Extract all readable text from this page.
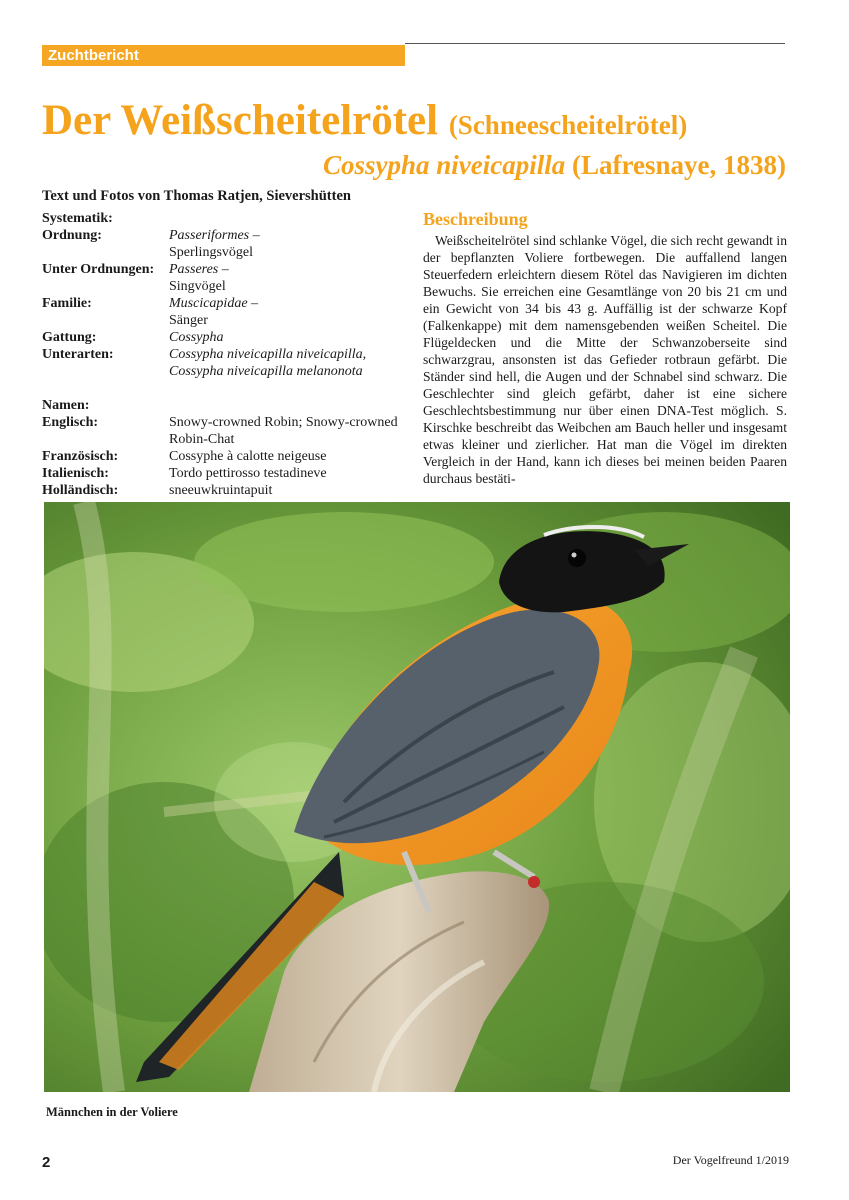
Zuchtbericht
Der Weißscheitelrötel (Schneescheitelrötel)
Cossypha niveicapilla (Lafresnaye, 1838)

Text und Fotos von Thomas Ratjen, Sievershütten

Systematik:
Ordnung:	Passeriformes –
Sperlingsvögel
Unter Ordnungen:	Passeres –
Singvögel
Familie:	Muscicapidae –
Sänger
Gattung:	Cossypha
Unterarten:	Cossypha niveicapilla niveicapilla,
Cossypha niveicapilla melanonota
Namen:
Englisch:	Snowy-crowned Robin; Snowy-crowned
Robin-Chat
Französisch:	Cossyphe à calotte neigeuse
Italienisch:	Tordo pettirosso testadineve
Holländisch:	sneeuwkruintapuit
Beschreibung

Weißscheitelrötel sind schlanke Vögel, die sich recht gewandt in der bepflanzten Voliere fortbewegen. Die auffallend langen Steuerfedern erleichtern diesem Rötel das Navigieren im dichten Bewuchs. Sie erreichen eine Gesamtlänge von 20 bis 21 cm und ein Gewicht von 34 bis 43 g. Auffällig ist der schwarze Kopf (Falkenkappe) mit dem namensgebenden weißen Scheitel. Die Flügeldecken und die Mitte der Schwanzoberseite sind schwarzgrau, ansonsten ist das Gefieder rotbraun gefärbt. Die Ständer sind hell, die Augen und der Schnabel sind schwarz. Die Geschlechter sind gleich gefärbt, daher ist eine sichere Geschlechtsbestimmung nur über einen DNA-Test möglich. S. Kirschke beschreibt das Weibchen am Bauch heller und insgesamt etwas kleiner und zierlicher. Hat man die Vögel im direkten Vergleich in der Hand, kann ich dieses bei meinen beiden Paaren durchaus bestäti-

Männchen in der Voliere

2	Der Vogelfreund 1/2019
